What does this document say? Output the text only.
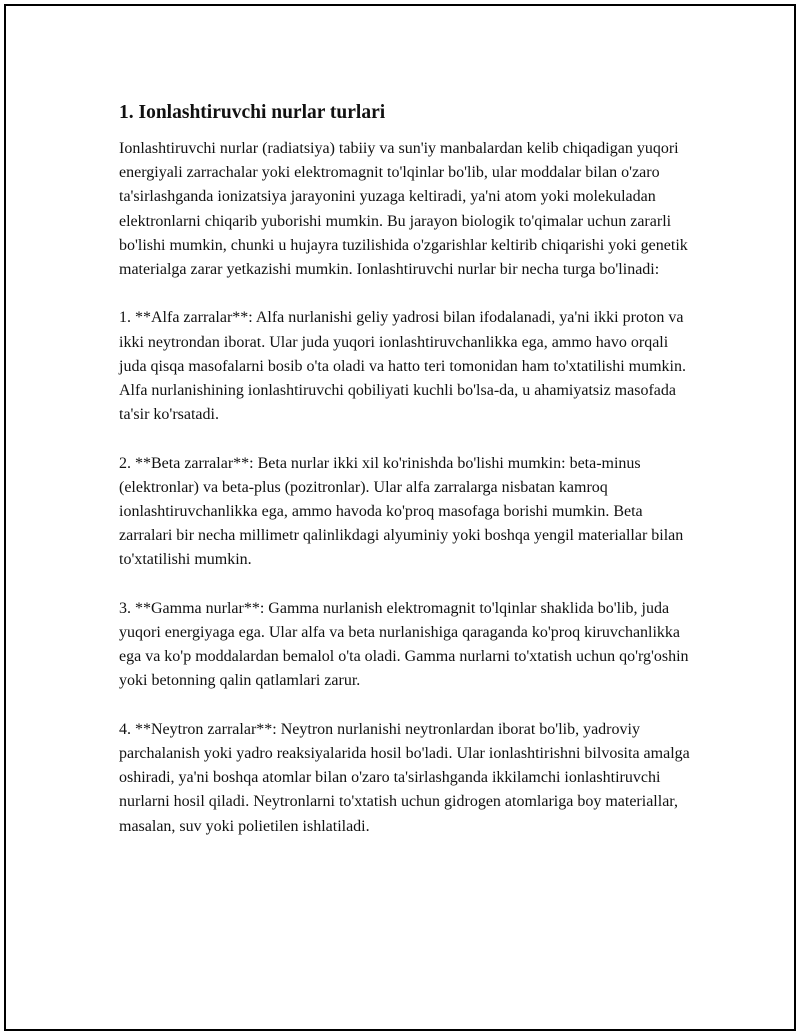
1. Ionlashtiruvchi nurlar turlari

Ionlashtiruvchi nurlar (radiatsiya) tabiiy va sun'iy manbalardan kelib chiqadigan yuqori energiyali zarrachalar yoki elektromagnit to'lqinlar bo'lib, ular moddalar bilan o'zaro ta'sirlashganda ionizatsiya jarayonini yuzaga keltiradi, ya'ni atom yoki molekuladan elektronlarni chiqarib yuborishi mumkin. Bu jarayon biologik to'qimalar uchun zararli bo'lishi mumkin, chunki u hujayra tuzilishida o'zgarishlar keltirib chiqarishi yoki genetik materialga zarar yetkazishi mumkin. Ionlashtiruvchi nurlar bir necha turga bo'linadi:

1. **Alfa zarralar**: Alfa nurlanishi geliy yadrosi bilan ifodalanadi, ya'ni ikki proton va ikki neytrondan iborat. Ular juda yuqori ionlashtiruvchanlikka ega, ammo havo orqali juda qisqa masofalarni bosib o'ta oladi va hatto teri tomonidan ham to'xtatilishi mumkin. Alfa nurlanishining ionlashtiruvchi qobiliyati kuchli bo'lsa-da, u ahamiyatsiz masofada ta'sir ko'rsatadi.

2. **Beta zarralar**: Beta nurlar ikki xil ko'rinishda bo'lishi mumkin: beta-minus (elektronlar) va beta-plus (pozitronlar). Ular alfa zarralarga nisbatan kamroq ionlashtiruvchanlikka ega, ammo havoda ko'proq masofaga borishi mumkin. Beta zarralari bir necha millimetr qalinlikdagi alyuminiy yoki boshqa yengil materiallar bilan to'xtatilishi mumkin.

3. **Gamma nurlar**: Gamma nurlanish elektromagnit to'lqinlar shaklida bo'lib, juda yuqori energiyaga ega. Ular alfa va beta nurlanishiga qaraganda ko'proq kiruvchanlikka ega va ko'p moddalardan bemalol o'ta oladi. Gamma nurlarni to'xtatish uchun qo'rg'oshin yoki betonning qalin qatlamlari zarur.

4. **Neytron zarralar**: Neytron nurlanishi neytronlardan iborat bo'lib, yadroviy parchalanish yoki yadro reaksiyalarida hosil bo'ladi. Ular ionlashtirishni bilvosita amalga oshiradi, ya'ni boshqa atomlar bilan o'zaro ta'sirlashganda ikkilamchi ionlashtiruvchi nurlarni hosil qiladi. Neytronlarni to'xtatish uchun gidrogen atomlariga boy materiallar, masalan, suv yoki polietilen ishlatiladi.
